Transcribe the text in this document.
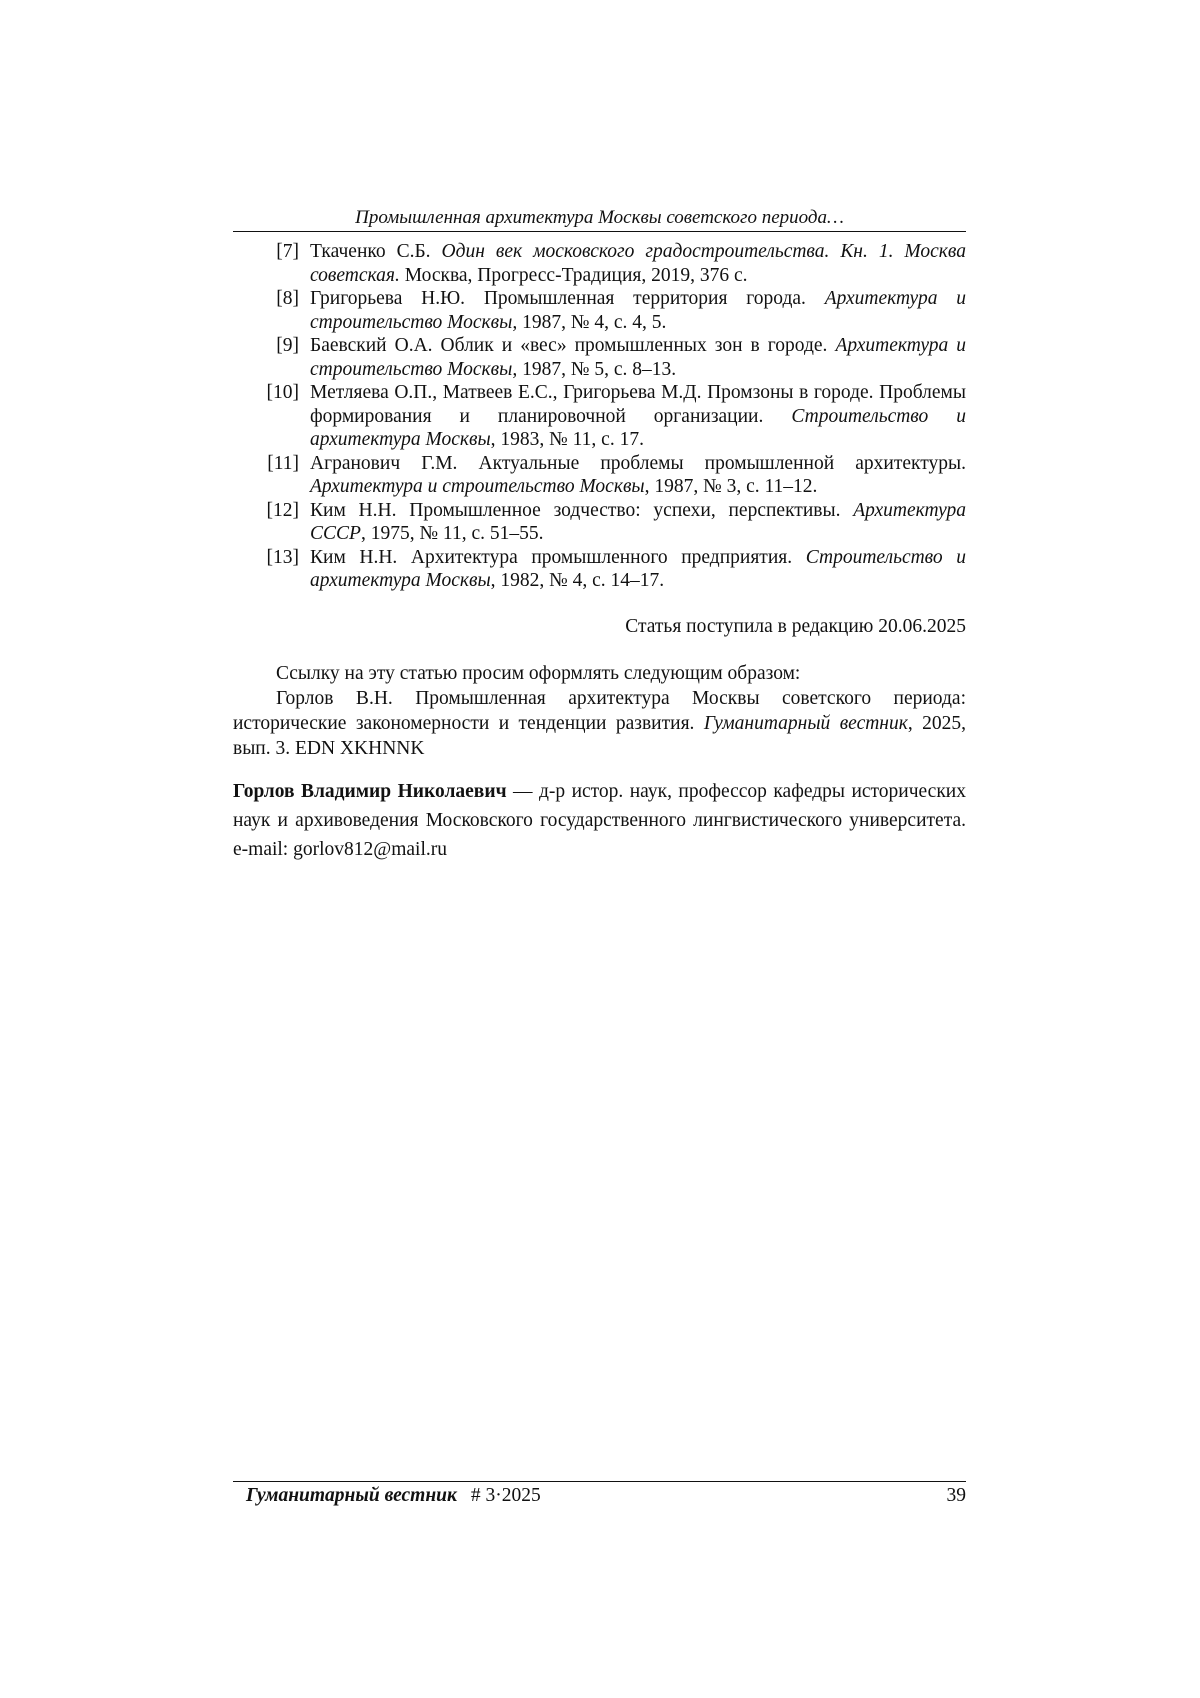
Промышленная архитектура Москвы советского периода…
[7] Ткаченко С.Б. Один век московского градостроительства. Кн. 1. Москва советская. Москва, Прогресс-Традиция, 2019, 376 с.
[8] Григорьева Н.Ю. Промышленная территория города. Архитектура и строительство Москвы, 1987, № 4, с. 4, 5.
[9] Баевский О.А. Облик и «вес» промышленных зон в городе. Архитектура и строительство Москвы, 1987, № 5, с. 8–13.
[10] Метляева О.П., Матвеев Е.С., Григорьева М.Д. Промзоны в городе. Проблемы формирования и планировочной организации. Строительство и архитектура Москвы, 1983, № 11, с. 17.
[11] Агранович Г.М. Актуальные проблемы промышленной архитектуры. Архитектура и строительство Москвы, 1987, № 3, с. 11–12.
[12] Ким Н.Н. Промышленное зодчество: успехи, перспективы. Архитектура СССР, 1975, № 11, с. 51–55.
[13] Ким Н.Н. Архитектура промышленного предприятия. Строительство и архитектура Москвы, 1982, № 4, с. 14–17.
Статья поступила в редакцию 20.06.2025
Ссылку на эту статью просим оформлять следующим образом:
Горлов В.Н. Промышленная архитектура Москвы советского периода: исторические закономерности и тенденции развития. Гуманитарный вестник, 2025, вып. 3. EDN XKHNNK
Горлов Владимир Николаевич — д-р истор. наук, профессор кафедры исторических наук и архивоведения Московского государственного лингвистического университета. e-mail: gorlov812@mail.ru
Гуманитарный вестник # 3·2025	39
